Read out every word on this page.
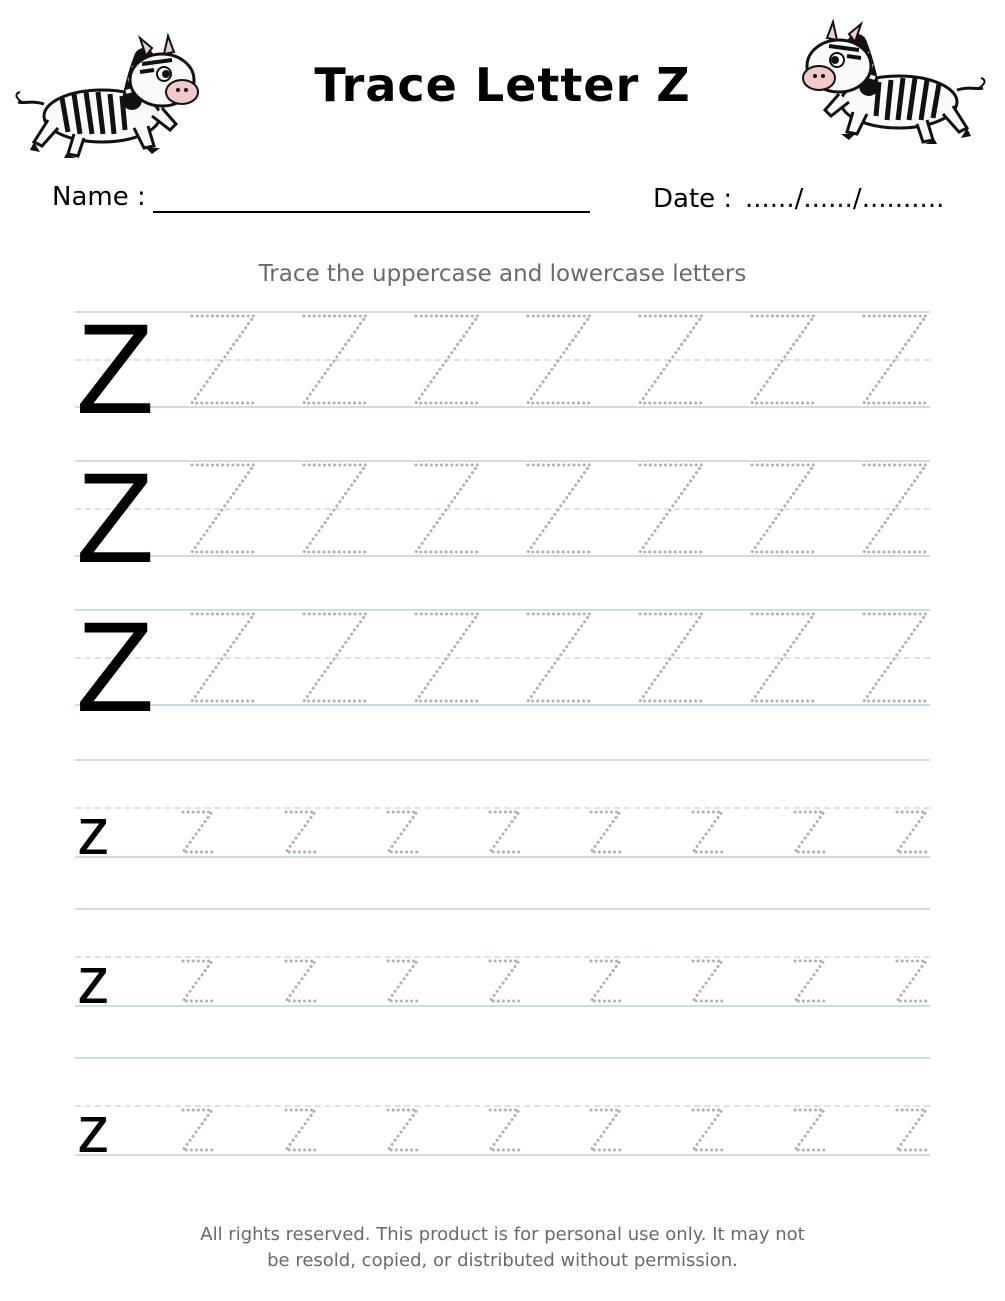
Trace Letter Z
Name :	Date : ....../....../..........
Trace the uppercase and lowercase letters
Z
Z
Z
z
z
z
All rights reserved. This product is for personal use only. It may not
be resold, copied, or distributed without permission.
